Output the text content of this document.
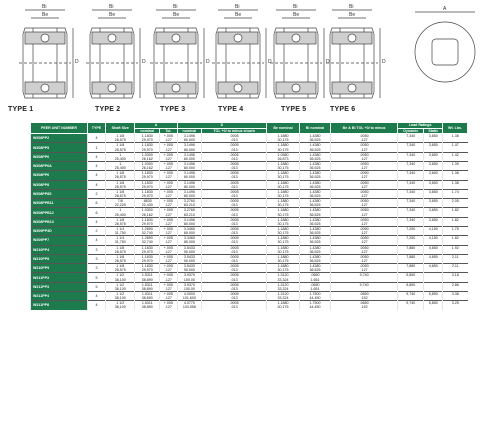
Bi
Be
D
Bi
Be
D
Bi
Be
D
Bi
Be
D
Bi
Be
D
Bi
Be
D
A
TYPE 1	TYPE 2	TYPE 3	TYPE 4	TYPE 5	TYPE 6
PEER UNIT NUMBER	TYPE	Shaft Size	A		D		Be nominal	Bi nominal	Be & Bi TOL +0/ to minus	Load Ratings		Wt. Lbs.
			nominal	Tol.	nominal	TOL +0/ to minus shown				Dynamic	Static	
W208PP2	4	1 1/8	1.1830	+.005	3.1496	.0005	1.1880	1.4380	.0050	7,340	3,650	1.38
		28,575	29,970	.127	80.000	.013	30,175	36.525	.127			
W208PP5	1	1 1/8	1.1830	+.005	3.1496	.0005	1.1880	1.4380	.0050	7,340	3,650	1.47
		28,575	29,970	.127	80.000	.013	30.175	36.525	.127			
W208PP6	4	1	1.0300	+.005	3.1496	.0005	1.0580	1.4380	.0050	7,340	3,650	1.42
		25,400	26,162	.127	80.000	.013	26,873	36.525	.127			
W208PP6A	4	1	1.0300	+.005	3.1496	.0005	1.1880	1.4380	.0050	7,340	3,650	1.39
		25,400	26,162	.127	80.000	.013	30,175	36.525	.127			
W208PP6	4	1 1/8	1.1830	+.005	3.1496	.0005	1.1880	1.4380	.0050	7,340	3,650	1.36
		28,575	29,970	.127	80.000	.013	30,175	36.525	.127			
W208PP8	4	1 1/8	1.1830	+.005	3.1496	.0005	1.1880	1.4380	.0050	7,340	3,650	1.38
		28,575	29,970	.127	80.000	.013	30,175	36.525	.127			
W208PP8S	2	1 1/8	1.1830	+.005	3.1496	.0005	1.1880	1.4380	.0050	7,340	3,650	1.74
		28,575	29,970	.127	80.000	.013	30,175	36.525	.127			
W208PPB11	6	7/8	.8830	+.005	3.2760	.0005	1.1880	1.4380	.0050	7,340	3,650	2.05
		22,225	22,430	.127	83.210	.013	30,175	36.525	.127			
W208PPB12	6	1	1.0300	+.005	3.2760	.0005	1.1880	1.4380	.0050	7,340	3,650	1.82
		25,400	26,162	.127	83.210	.013	30,175	36.525	.127			
W208PPB13	4	1 1/8	1.1830	+.005	3.1496	.0005	1.1880	1.4380	.0050	7,340	3,650	1.82
		28,575	29,970	.127	80.000	.013	30,175	36.525	.127			
W209PP3D	2	1 1/4	1.2890	+.005	3.3465	.0005	1.1880	1.4380	.0050	7,250	4,150	1.75
		31,750	32,740	.127	85.000	.013	30,175	36.525	.127			
W209PP7	4	1 1/4	1.2890	+.005	3.3465	.0005	1.1880	1.4380	.0050	7,250	4,150	1.82
		31,750	32,740	.127	85.000	.013	30,175	36.525	.127			
W210PP4	3	1 1/8	1.1830	+.005	3.5433	.0005	1.1880	1.4380	.0050	7,880	4,650	1.92
		28,575	29,970	.127	90.000	.013	30.175	36.525	.127			
W210PP8	3	1 1/8	1.1830	+.005	3.5433	.0005	1.1880	1.4380	.0050	7,880	4,650	2.11
		28,575	29,970	.127	90.000	.013	30,175	36.525	.127			
W210PP9	3	1 1/8	1.1830	+.005	3.5433	.0005	1.1880	1.4380	.0050	7,880	4,650	2.11
		28,575	29,970	.127	90.000	.013	30,175	36.525	.127			
W211PP3	5	1 1/2	1.5311	+.005	3.9370	.0005	1.3120	.0650	9,740	5,850		3.18
		38,100	38,890	.127	100.00	.013	33,324	1.651				
W211PP3	5	1 1/2	1.5311	+.005	3.9370	.0005	1.3120	.0650	9,740	5,850		2.86
		38,100	38,890	.127	100.00	.013	33,324	1.651				
W211PP4	4	1 1/2	1.5311	+.005	4.0000	.0005	1.3120	1.7500	.0650	9,740	5,850	3.38
		38,100	38,890	.127	101.600	.013	33,324	44.450	.152			
W211PP8	4	1 1/2	1.5311	+.005	4.0770	.0005	1.1880	1.7500	.0650	9,740	5,850	3.25
		38,100	38,890	.127	103.556	.013	30,175	44.450	.152			
